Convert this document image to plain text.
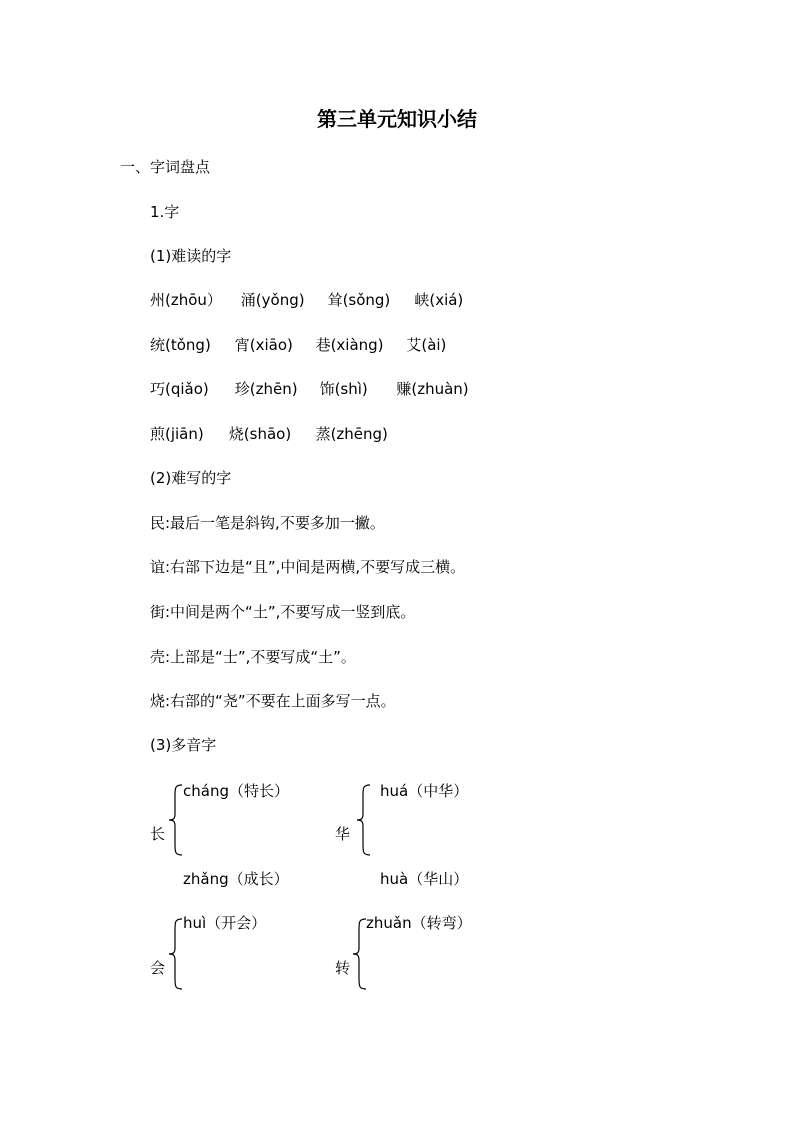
第三单元知识小结
一、字词盘点
1.字
(1)难读的字
州(zhōu） 涌(yǒng) 耸(sǒng) 峡(xiá)
统(tǒng) 宵(xiāo) 巷(xiàng) 艾(ài)
巧(qiǎo) 珍(zhēn) 饰(shì) 赚(zhuàn)
煎(jiān) 烧(shāo) 蒸(zhēng)
(2)难写的字
民:最后一笔是斜钩,不要多加一撇。
谊:右部下边是“且”,中间是两横,不要写成三横。
街:中间是两个“土”,不要写成一竖到底。
壳:上部是“士”,不要写成“土”。
烧:右部的“尧”不要在上面多写一点。
(3)多音字
cháng（特长）
长
zhǎng（成长）
huá（中华）
华
huà（华山）
huì（开会）
会
zhuǎn（转弯）
转
